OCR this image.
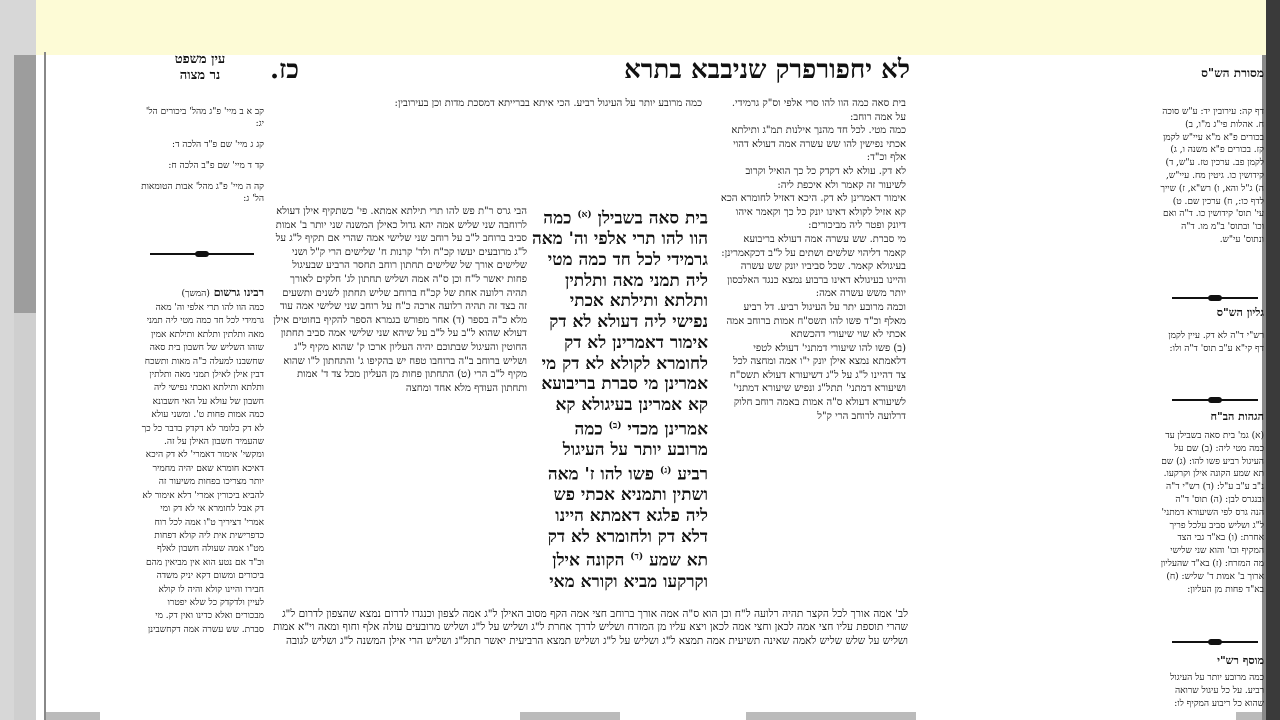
לא יחפור
פרק שני
בבא בתרא
כז.
עין משפט
נר מצוה	מסורת הש"ס

קב א ב מיי' פ"ג מהל' ביכורים הל' יג:

קג ג מיי' שם פ"ד הלכה ד:

קד ד מיי' שם פ"ב הלכה ח:

קה ה מיי' פ"ג מהל' אבות הטומאות הל' ג:

רבינו גרשום (המשך)
כמה הוו להו תרי אלפי וה' מאה גרמידי לכל חד כמה מטי ליה תמני מאה ותלתין ותלתא ותילתא אמין שזהו השליש של חשבון בית סאה שחשבנו למעלה כ"ה מאות ותשכח דבין אילן לאילן תמני מאה ותלתין ותלתא ותילתא ואכתי נפישי ליה חשבון של עולא על האי חשבונא כמה אמות פחות ט'. ומשני עולא לא דק כלומר לא דקדק בדבר כל כך שהעמיד חשבון האילן על זה. ומקשי' אימור דאמרי' לא דק היכא דאיכא חומרא שאם יהיה מחמיר יותר מצריכו בפחות משיעור זה להביא ביכורין אמרי' דלא אימור לא דק אבל לחומרא אי לא דק ומי אמרי' דציריך ט"ו אמה לכל רוח כדפרישית אית ליה קולא דפחות מט"ו אמה שעולה חשבון לאלף וכ"ד אם נטע הוא אין מביאין מהם ביכורים ומשום דקא יניק משדה חבירו והיינו קולא והיה לו קולא לעיין ולדקדק כל שלא יפטרו מבכורים ואלא כדינו ואין דק. מי סברת. שש עשרה אמה דקחשבינן

כמה מרובע יותר על העיגול רביע. הכי איתא בברייתא דמסכת מדות וכן בעירובין:

הבי גרס ר"ת פש להו תרי תילתא אמתא. פי' כשתקיף אילן דעולא לרוחבה שני שליש אמה יהא גדול כאילן המשנה שני יותר ב' אמות סביב ברוחב ל"ב על רוחב שני שלישי אמה שהרי אם תקיף ל"ג על ל"ג מרובעים יעשו קכ"ח ולד' קרנות ח' שלישים הרי ק"ל ושני שלישים אורך של שלישים תחתון רוחב תחסר הרביע שבעיגול פחות יאשר ל"ח וכן ס"ה אמה ושליש תחתון לג' חלקים לאורך תהיה רלועה אחת של קכ"ח ברוחב שליש תחתון לשנים ותשעים זה בצד זה תהיה רלועה ארכה כ"ח על רוחב שני שלישי אמה עוד מלא כ"ה בספר (ד) אחר מפורש בגמרא הספר להקיף בחוטים אילן דעולא שהוא ל"ב על ל"ב על שיהא שני שלישי אמה סביב תחתון החוטין והעיגול שבתוכם יהיה העליון ארכו ק' שהוא מקיף ל"ג ושליש ברוחב ב"ה ברוחבו טפח יש בהקיפו ג' והתחתון ל"ו שהוא מקיף ל"ב הרי (ט) התחתון פחות מן העליון מכל צד ד' אמות ותחתון העודף מלא אחד ומחצה

בית סאה כמה הוו להו סרי אלפי וס"ק גרמידי. על אמה רוחב:

כמה מטי. לכל חד מהנך אילנות תמ"ג ותילתא אכתי נפישין להו שש עשרה אמה דעולא דהוי אלף וכ"ד:

לא דק. עולא לא דקדק כל כך הואיל וקרוב לשיעור זה קאמר ולא איכפת ליה:

אימור דאמרינן לא דק. היכא דאזיל לחומרא הכא קא אזיל לקולא דאינו יונק כל כך וקאמר איהו דיונק ופטר ליה מביכורים:

מי סברת. שש עשרה אמה דעולא בריבועא קאמר דליהוי שלשים ושתים על ל"ב דכקאמרינן:

בעיגולא קאמר. שכל סביביו יונק שש עשרה והיינו בעיגולא דאינו ברבוע נמצא כנגד האלכסון יותר משש עשרה אמה:

וכמה מרובע יתר על העיגול רביע. דל רביע מאלף וכ"ד פשו להו תשס"ח אמות ברוחב אמה אכתי לא שוי שיעורי דהכשתא

(ב) פשו להו שיעורי דמתני' דעולא לטפי דלאמתא נמצא אילן יונק י"ו אמה ומחצה לכל צד דהיינו ל"ג על ל"ג דשיעורא דעולא תשס"ח ושיעורא דמתני' תתל"ג ונפיש שיעורא דמתני' לשיעורא דעולא ס"ה אמות באמה רוחב חלוק דרלועה לרוחב הרי ק"ל

בית סאה בשבילן $^{(א)}$ כמה הוו להו תרי אלפי וה' מאה גרמידי לכל חד כמה מטי ליה תמני מאה ותלתין ותלתא ותילתא אכתי נפישי ליה דעולא לא דק אימור דאמרינן לא דק לחומרא לקולא לא דק מי אמרינן מי סברת בריבועא קא אמרינן בעיגולא קא אמרינן מכדי $^{(ב)}$ כמה מרובע יותר על העיגול רביע $^{(ג)}$ פשו להו ז' מאה ושתין ותמניא אכתי פש ליה פלגא דאמתא היינו דלא דק ולחומרא לא דק תא שמע $^{(ד)}$ הקונה אילן וקרקעו מביא וקורא מאי

לב' אמה אורך לכל הקצר תהיה רלועה ל"ח וכן הוא ס"ה אמה אורך ברוחב חצי אמה הקף מסוב האילן ל"ג אמה לצפון וכנגדו לדרום נמצא שהצפון לדרום ל"ג שהרי תוספת עליו חצי אמה לכאן וחצי אמה לכאן ויצא עליו מן המזרח ושליש לדרך אחרת ל"ג ושליש על ל"ג ושליש מרובעים עולה אלף וחוף ומאה וי"א אמות ושליש על שלש שליש לאמה שאינה תשיעית אמה תמצא ל"ג ושליש על ל"ג ושליש תמצא הרביעית יאשר תתל"ג ושליש הרי אילן המשנה ל"ג ושליש לגובה

דף קה: עירובין יד: ע"ש סוכה ח. אהלות פי"ג מ"ו, ב) בכורים פ"א מ"א עיי"ש לקמן קז. בכורים פ"א משנה ו, ג) לקמן פב. ערכין טז. ע"ש, ד) קידושין כו. גיטין מח. עיי"ש, ה) ג"ל והא, ו) רש"א, ז) שייך לדף כו:, ח) ערכין שם. ט) עי' תוס' קידושין כו. ד"ה ואם וכו' ובתוס' ב"מ מו. ד"ה ונתוס' עי"ש.

גליון הש"ס
רש"י ד"ה לא דק. עיין לקמן דף קי"א ע"ב תוס' ד"ה ולו:
הגהות הב"ח
(א) גמ' בית סאה בשבילן עד כמה מטי ליה: (ב) שם על העיגול רביע פשו להו: (ג) שם תא שמע הקונה אילן וקרקעו. נ"ב ע"ב ע"ל: (ד) רש"י ד"ה ובנגרס לבן: (ה) תוס' ד"ה הנה גרס לפי השיעורא דמתני' ל"ג ושליש סביב עלכל פריך אחרת: (ו) בא"ד גבי הצד המקיף וכו' והוא שני שלישי מה המזרח: (ז) בא"ד שהעליון ארוך ב' אמות ד' שליש: (ח) בא"ד פחות מן העליון:
מוסף רש"י
כמה מרובע יותר על העיגול רביע. על כל עיגול שרואה שהוא כל ריבוע המקיף לו:
